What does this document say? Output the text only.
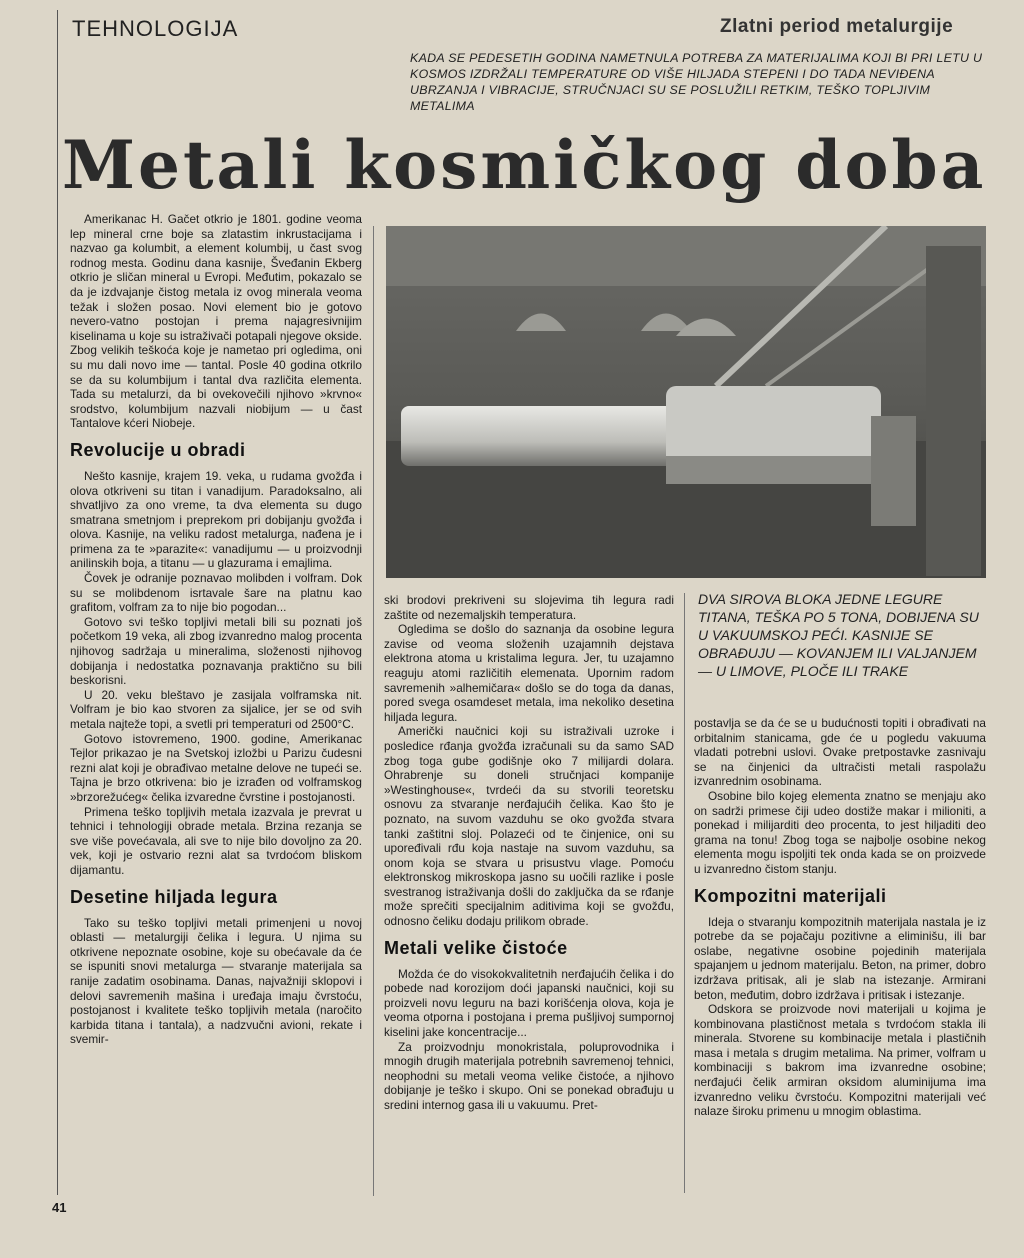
TEHNOLOGIJA	Zlatni period metalurgije
KADA SE PEDESETIH GODINA NAMETNULA POTREBA ZA MATERIJALIMA KOJI BI PRI LETU U KOSMOS IZDRŽALI TEMPERATURE OD VIŠE HILJADA STEPENI I DO TADA NEVIĐENA UBRZANJA I VIBRACIJE, STRUČNJACI SU SE POSLUŽILI RETKIM, TEŠKO TOPLJIVIM METALIMA
Metali kosmičkog doba

Amerikanac H. Gačet otkrio je 1801. godine veoma lep mineral crne boje sa zlatastim inkrustacijama i nazvao ga kolumbit, a element kolumbij, u čast svog rodnog mesta. Godinu dana kasnije, Šveđanin Ekberg otkrio je sličan mineral u Evropi. Međutim, pokazalo se da je izdvajanje čistog metala iz ovog minerala veoma težak i složen posao. Novi element bio je gotovo nevero-vatno postojan i prema najagresivnijim kiselinama u koje su istraživači potapali njegove okside. Zbog velikih teškoća koje je nametao pri ogledima, oni su mu dali novo ime — tantal. Posle 40 godina otkrilo se da su kolumbijum i tantal dva različita elementa. Tada su metalurzi, da bi ovekovečili njihovo »krvno« srodstvo, kolumbijum nazvali niobijum — u čast Tantalove kćeri Niobeje.

Revolucije u obradi

Nešto kasnije, krajem 19. veka, u rudama gvožđa i olova otkriveni su titan i vanadijum. Paradoksalno, ali shvatljivo za ono vreme, ta dva elementa su dugo smatrana smetnjom i preprekom pri dobijanju gvožđa i olova. Kasnije, na veliku radost metalurga, nađena je i primena za te »parazite«: vanadijumu — u proizvodnji anilinskih boja, a titanu — u glazurama i emajlima.

Čovek je odranije poznavao molibden i volfram. Dok su se molibdenom isrtavale šare na platnu kao grafitom, volfram za to nije bio pogodan...

Gotovo svi teško topljivi metali bili su poznati još početkom 19 veka, ali zbog izvanredno malog procenta njihovog sadržaja u mineralima, složenosti njihovog dobijanja i nedostatka poznavanja praktično su bili beskorisni.

U 20. veku bleštavo je zasijala volframska nit. Volfram je bio kao stvoren za sijalice, jer se od svih metala najteže topi, a svetli pri temperaturi od 2500°C.

Gotovo istovremeno, 1900. godine, Amerikanac Tejlor prikazao je na Svetskoj izložbi u Parizu čudesni rezni alat koji je obrađivao metalne delove ne tupeći se. Tajna je brzo otkrivena: bio je izrađen od volframskog »brzorežućeg« čelika izvaredne čvrstine i postojanosti.

Primena teško topljivih metala izazvala je prevrat u tehnici i tehnologiji obrade metala. Brzina rezanja se sve više povećavala, ali sve to nije bilo dovoljno za 20. vek, koji je ostvario rezni alat sa tvrdoćom bliskom dijamantu.

Desetine hiljada legura

Tako su teško topljivi metali primenjeni u novoj oblasti — metalurgiji čelika i legura. U njima su otkrivene nepoznate osobine, koje su obećavale da će se ispuniti snovi metalurga — stvaranje materijala sa ranije zadatim osobinama. Danas, najvažniji sklopovi i delovi savremenih mašina i uređaja imaju čvrstoću, postojanost i kvalitete teško topljivih metala (naročito karbida titana i tantala), a nadzvučni avioni, rekate i svemir-

DVA SIROVA BLOKA JEDNE LEGURE TITANA, TEŠKA PO 5 TONA, DOBIJENA SU U VAKUUMSKOJ PEĆI. KASNIJE SE OBRAĐUJU — KOVANJEM ILI VALJANJEM — U LIMOVE, PLOČE ILI TRAKE

ski brodovi prekriveni su slojevima tih legura radi zaštite od nezemaljskih temperatura.

Ogledima se došlo do saznanja da osobine legura zavise od veoma složenih uzajamnih dejstava elektrona atoma u kristalima legura. Jer, tu uzajamno reaguju atomi različitih elemenata. Upornim radom savremenih »alhemičara« došlo se do toga da danas, pored svega osamdeset metala, ima nekoliko desetina hiljada legura.

Američki naučnici koji su istraživali uzroke i posledice rđanja gvožđa izračunali su da samo SAD zbog toga gube godišnje oko 7 milijardi dolara. Ohrabrenje su doneli stručnjaci kompanije »Westinghouse«, tvrdeći da su stvorili teoretsku osnovu za stvaranje nerđajućih čelika. Kao što je poznato, na suvom vazduhu se oko gvožđa stvara tanki zaštitni sloj. Polazeći od te činjenice, oni su upoređivali rđu koja nastaje na suvom vazduhu, sa onom koja se stvara u prisustvu vlage. Pomoću elektronskog mikroskopa jasno su uočili razlike i posle svestranog istraživanja došli do zaključka da se rđanje može sprečiti specijalnim aditivima koji se gvožđu, odnosno čeliku dodaju prilikom obrade.

Metali velike čistoće

Možda će do visokokvalitetnih nerđajućih čelika i do pobede nad korozijom doći japanski naučnici, koji su proizveli novu leguru na bazi korišćenja olova, koja je veoma otporna i postojana i prema pušljivoj sumpornoj kiselini jake koncentracije...

Za proizvodnju monokristala, poluprovodnika i mnogih drugih materijala potrebnih savremenoj tehnici, neophodni su metali veoma velike čistoće, a njihovo dobijanje je teško i skupo. Oni se ponekad obrađuju u sredini internog gasa ili u vakuumu. Pret-

postavlja se da će se u budućnosti topiti i obrađivati na orbitalnim stanicama, gde će u pogledu vakuuma vladati potrebni uslovi. Ovake pretpostavke zasnivaju se na činjenici da ultračisti metali raspolažu izvanrednim osobinama.

Osobine bilo kojeg elementa znatno se menjaju ako on sadrži primese čiji udeo dostiže makar i milioniti, a ponekad i milijarditi deo procenta, to jest hiljaditi deo grama na tonu! Zbog toga se najbolje osobine nekog elementa mogu ispoljiti tek onda kada se on proizvede u izvanredno čistom stanju.

Kompozitni materijali

Ideja o stvaranju kompozitnih materijala nastala je iz potrebe da se pojačaju pozitivne a eliminišu, ili bar oslabe, negativne osobine pojedinih materijala spajanjem u jednom materijalu. Beton, na primer, dobro izdržava pritisak, ali je slab na istezanje. Armirani beton, međutim, dobro izdržava i pritisak i istezanje.

Odskora se proizvode novi materijali u kojima je kombinovana plastičnost metala s tvrdoćom stakla ili minerala. Stvorene su kombinacije metala i plastičnih masa i metala s drugim metalima. Na primer, volfram u kombinaciji s bakrom ima izvanredne osobine; nerđajući čelik armiran oksidom aluminijuma ima izvanredno veliku čvrstoću. Kompozitni materijali već nalaze široku primenu u mnogim oblastima.

41
